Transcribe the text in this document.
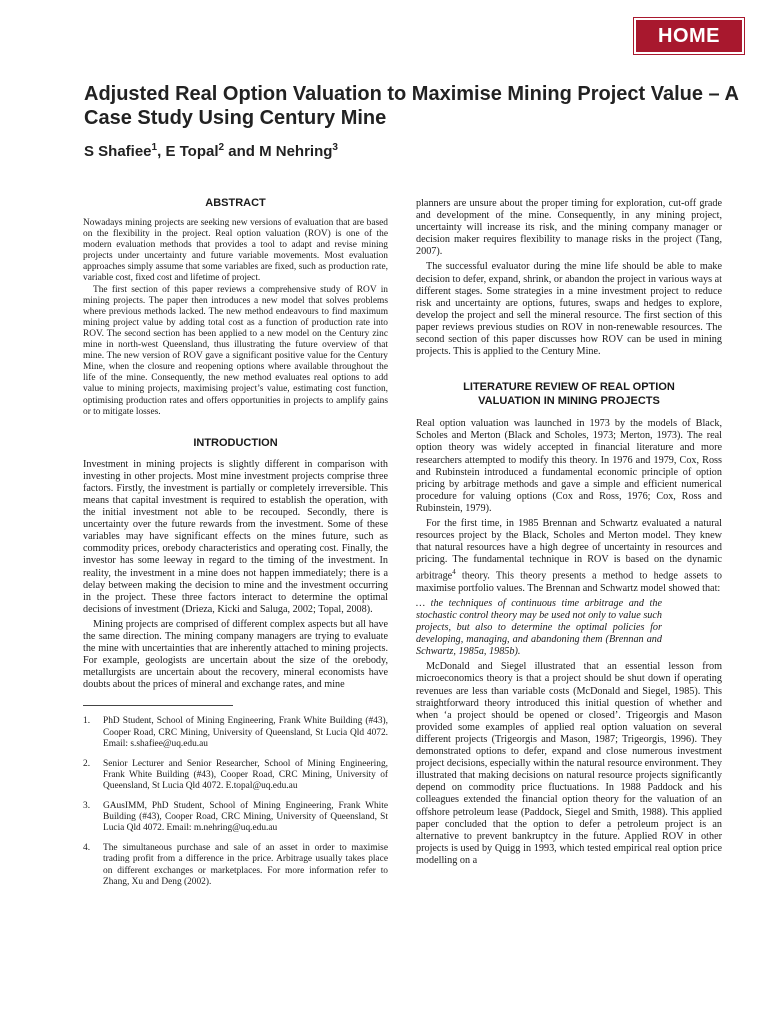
HOME
Adjusted Real Option Valuation to Maximise Mining Project Value – A Case Study Using Century Mine
S Shafiee$^1$, E Topal$^2$ and M Nehring$^3$
ABSTRACT

Nowadays mining projects are seeking new versions of evaluation that are based on the flexibility in the project. Real option valuation (ROV) is one of the modern evaluation methods that provides a tool to adapt and revise mining projects under uncertainty and future variable movements. Most evaluation approaches simply assume that some variables are fixed, such as production rate, variable cost, fixed cost and lifetime of project.

The first section of this paper reviews a comprehensive study of ROV in mining projects. The paper then introduces a new model that solves problems where previous methods lacked. The new method endeavours to find maximum mining project value by adding total cost as a function of production rate into ROV. The second section has been applied to a new model on the Century zinc mine in north-west Queensland, thus illustrating the future overview of that mine. The new version of ROV gave a significant positive value for the Century Mine, when the closure and reopening options where available throughout the life of the mine. Consequently, the new method evaluates real options to add value to mining projects, maximising project’s value, estimating cost function, optimising production rates and offers opportunities in projects to amplify gains or to mitigate losses.

INTRODUCTION

Investment in mining projects is slightly different in comparison with investing in other projects. Most mine investment projects comprise three factors. Firstly, the investment is partially or completely irreversible. This means that capital investment is required to establish the operation, with the initial investment not able to be recouped. Secondly, there is uncertainty over the future rewards from the investment. Some of these variables may have significant effects on the mines future, such as commodity prices, orebody characteristics and operating cost. Finally, the investor has some leeway in regard to the timing of the investment. In reality, the investment in a mine does not happen immediately; there is a delay between making the decision to mine and the investment occurring in the project. These three factors interact to determine the optimal decisions of investment (Drieza, Kicki and Saluga, 2002; Topal, 2008).

Mining projects are comprised of different complex aspects but all have the same direction. The mining company managers are trying to evaluate the mine with uncertainties that are inherently attached to mining projects. For example, geologists are uncertain about the size of the orebody, metallurgists are uncertain about the recovery, mineral economists have doubts about the prices of mineral and exchange rates, and mine

1.	PhD Student, School of Mining Engineering, Frank White Building (#43), Cooper Road, CRC Mining, University of Queensland, St Lucia Qld 4072. Email: s.shafiee@uq.edu.au
2.	Senior Lecturer and Senior Researcher, School of Mining Engineering, Frank White Building (#43), Cooper Road, CRC Mining, University of Queensland, St Lucia Qld 4072. E.topal@uq.edu.au
3.	GAusIMM, PhD Student, School of Mining Engineering, Frank White Building (#43), Cooper Road, CRC Mining, University of Queensland, St Lucia Qld 4072. Email: m.nehring@uq.edu.au
4.	The simultaneous purchase and sale of an asset in order to maximise trading profit from a difference in the price. Arbitrage usually takes place on different exchanges or marketplaces. For more information refer to Zhang, Xu and Deng (2002).

planners are unsure about the proper timing for exploration, cut-off grade and development of the mine. Consequently, in any mining project, uncertainty will increase its risk, and the mining company manager or decision maker requires flexibility to manage risks in the project (Tang, 2007).

The successful evaluator during the mine life should be able to make decision to defer, expand, shrink, or abandon the project in various ways at different stages. Some strategies in a mine investment project to reduce risk and uncertainty are options, futures, swaps and hedges to explore, develop the project and sell the mineral resource. The first section of this paper reviews previous studies on ROV in non-renewable resources. The second section of this paper discusses how ROV can be used in mining projects. This is applied to the Century Mine.

LITERATURE REVIEW OF REAL OPTION
VALUATION IN MINING PROJECTS

Real option valuation was launched in 1973 by the models of Black, Scholes and Merton (Black and Scholes, 1973; Merton, 1973). The real option theory was widely accepted in financial literature and more researchers attempted to modify this theory. In 1976 and 1979, Cox, Ross and Rubinstein introduced a fundamental economic principle of option pricing by arbitrage methods and gave a simple and efficient numerical procedure for valuing options (Cox and Ross, 1976; Cox, Ross and Rubinstein, 1979).

For the first time, in 1985 Brennan and Schwartz evaluated a natural resources project by the Black, Scholes and Merton model. They knew that natural resources have a high degree of uncertainty in resources and pricing. The fundamental technique in ROV is based on the dynamic arbitrage$^4$ theory. This theory presents a method to hedge assets to maximise portfolio values. The Brennan and Schwartz model showed that:

… the techniques of continuous time arbitrage and the stochastic control theory may be used not only to value such projects, but also to determine the optimal policies for developing, managing, and abandoning them (Brennan and Schwartz, 1985a, 1985b).

McDonald and Siegel illustrated that an essential lesson from microeconomics theory is that a project should be shut down if operating revenues are less than variable costs (McDonald and Siegel, 1985). This straightforward theory introduced this initial question of whether and when ‘a project should be opened or closed’. Trigeorgis and Mason provided some examples of applied real option valuation on several different projects (Trigeorgis and Mason, 1987; Trigeorgis, 1996). They demonstrated options to defer, expand and close numerous investment project decisions, especially within the natural resource environment. They illustrated that making decisions on natural resource projects significantly depend on commodity price fluctuations. In 1988 Paddock and his colleagues extended the financial option theory for the valuation of an offshore petroleum lease (Paddock, Siegel and Smith, 1988). This applied paper concluded that the option to defer a petroleum project is an alternative to prevent bankruptcy in the future. Applied ROV in other projects is used by Quigg in 1993, which tested empirical real option price modelling on a
